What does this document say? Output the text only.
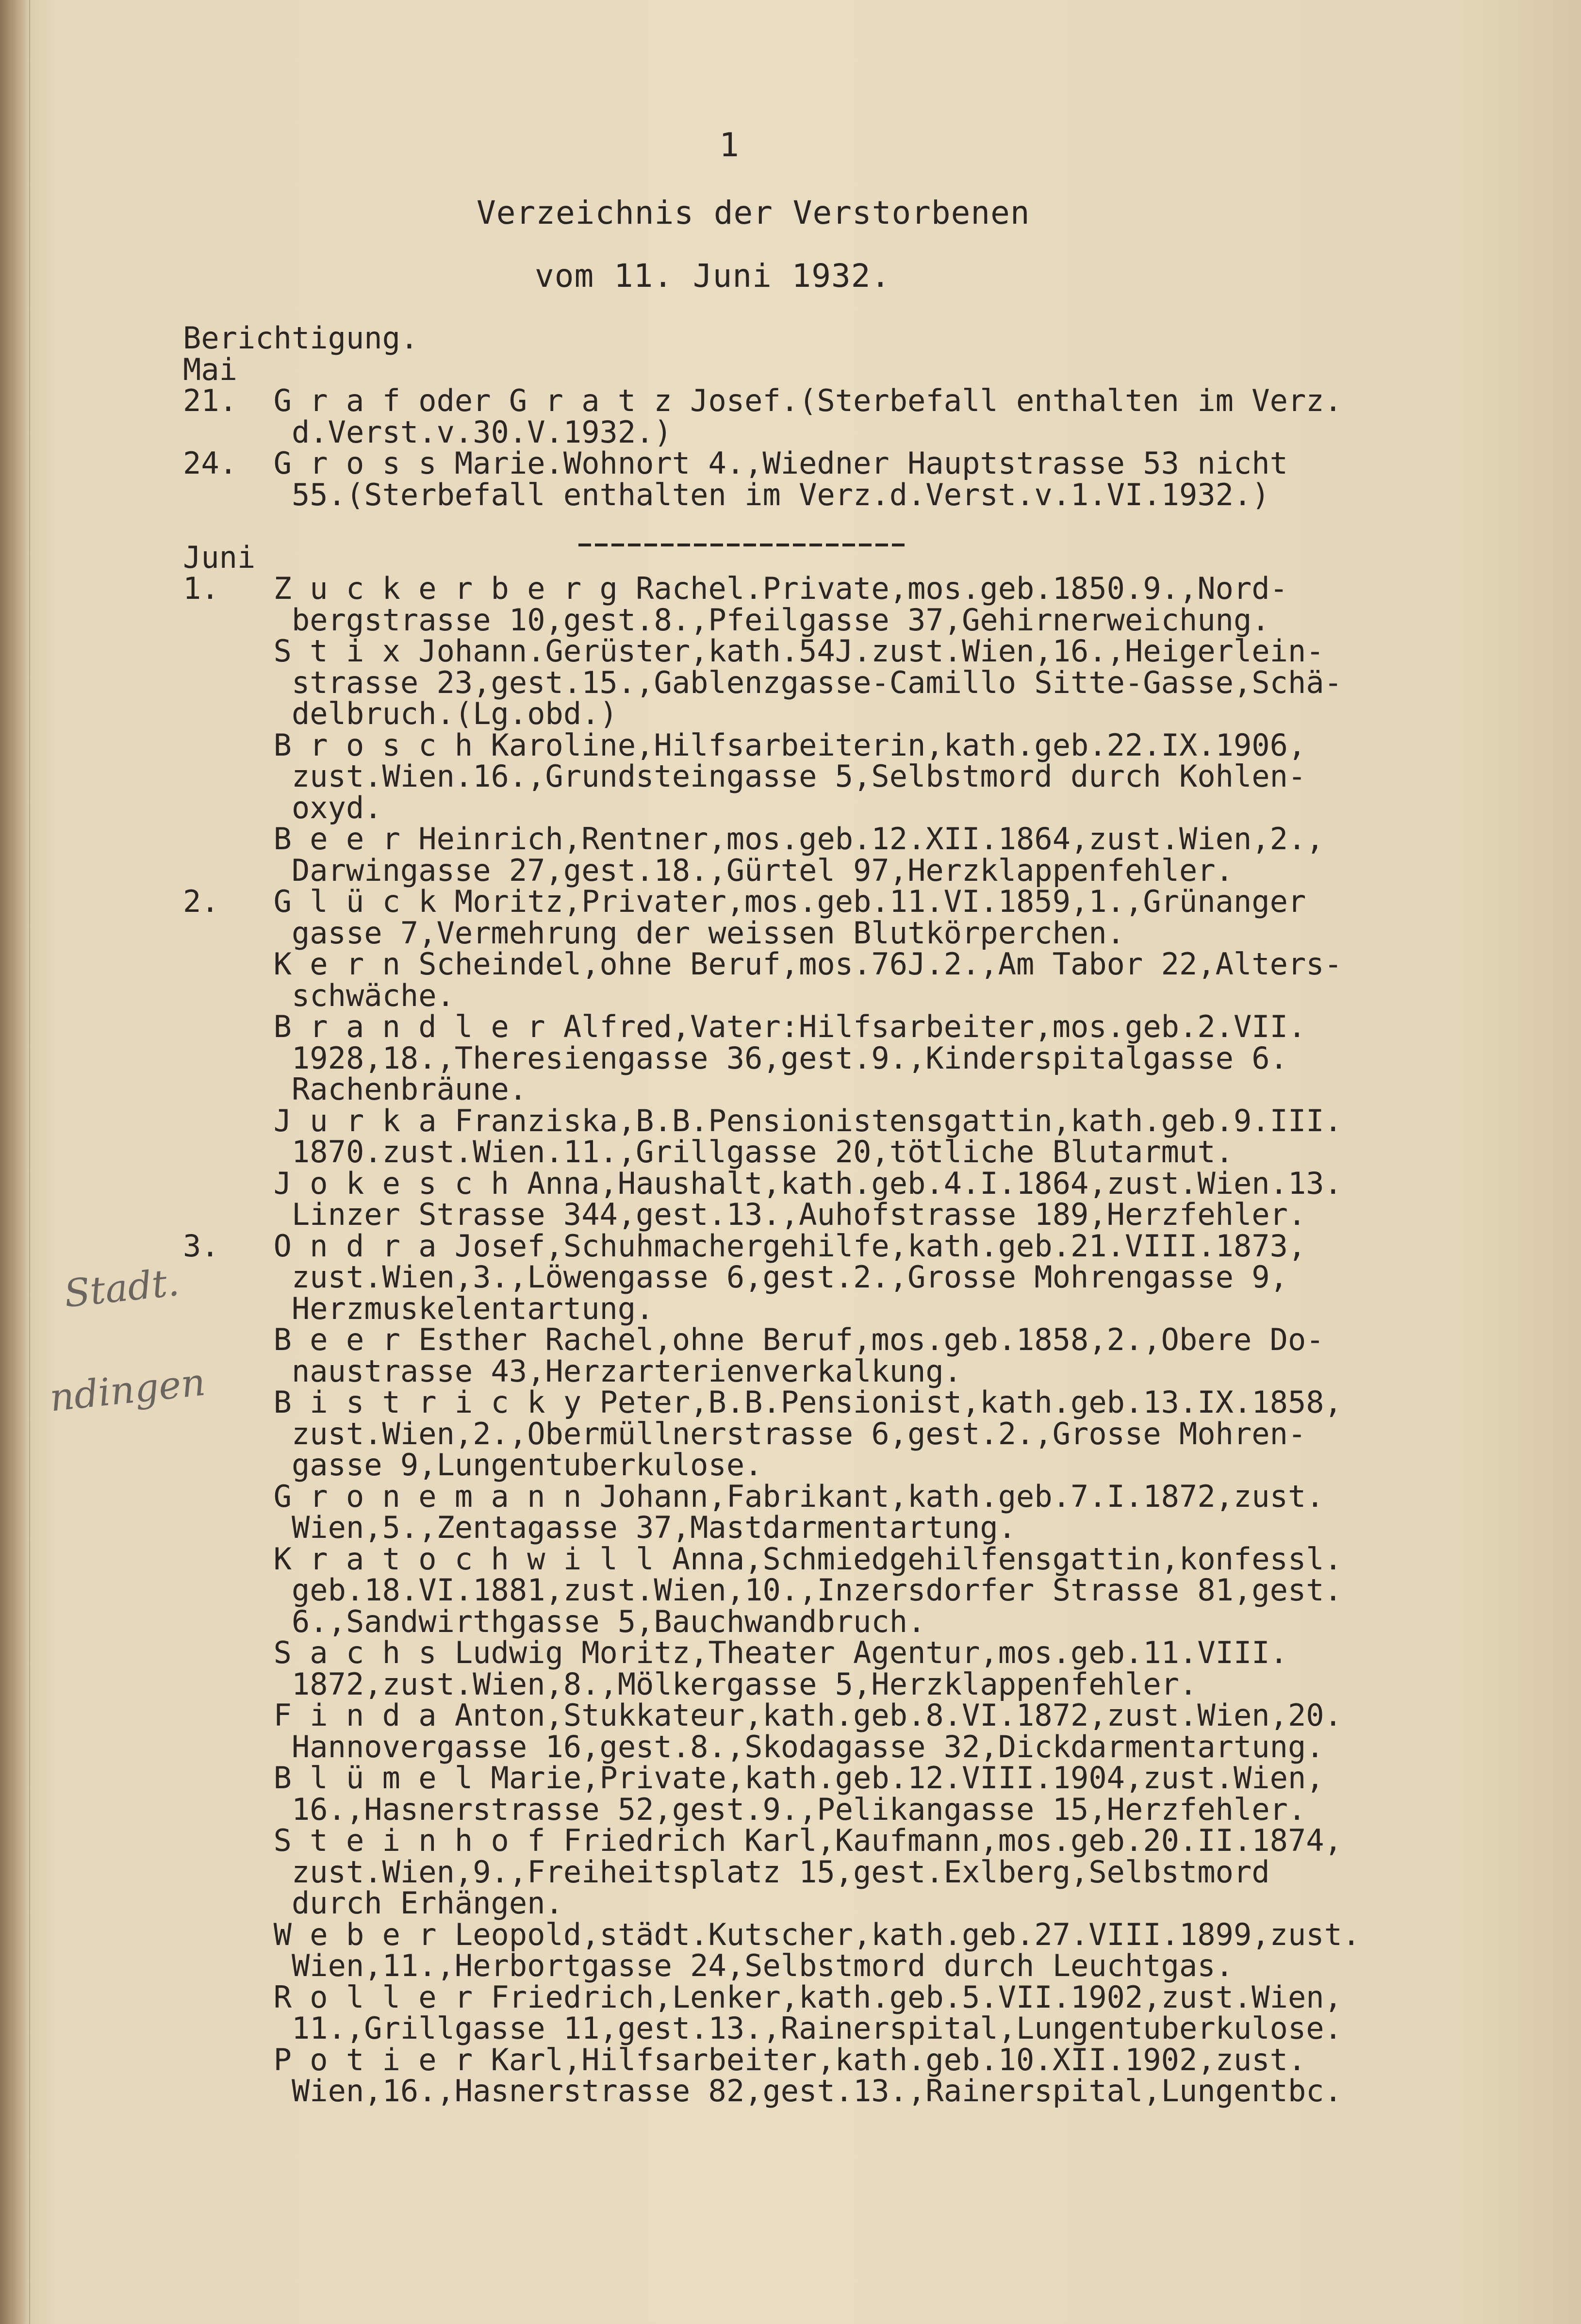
1
Verzeichnis der Verstorbenen
vom 11. Juni 1932.
Berichtigung.
Mai
21.  G r a f oder G r a t z Josef.(Sterbefall enthalten im Verz.
d.Verst.v.30.V.1932.)
24.  G r o s s Marie.Wohnort 4.,Wiedner Hauptstrasse 53 nicht
55.(Sterbefall enthalten im Verz.d.Verst.v.1.VI.1932.)
Juni
1.   Z u c k e r b e r g Rachel.Private,mos.geb.1850.9.,Nord-
bergstrasse 10,gest.8.,Pfeilgasse 37,Gehirnerweichung.
S t i x Johann.Gerüster,kath.54J.zust.Wien,16.,Heigerlein-
strasse 23,gest.15.,Gablenzgasse-Camillo Sitte-Gasse,Schä-
delbruch.(Lg.obd.)
B r o s c h Karoline,Hilfsarbeiterin,kath.geb.22.IX.1906,
zust.Wien.16.,Grundsteingasse 5,Selbstmord durch Kohlen-
oxyd.
B e e r Heinrich,Rentner,mos.geb.12.XII.1864,zust.Wien,2.,
Darwingasse 27,gest.18.,Gürtel 97,Herzklappenfehler.
2.   G l ü c k Moritz,Privater,mos.geb.11.VI.1859,1.,Grünanger
gasse 7,Vermehrung der weissen Blutkörperchen.
K e r n Scheindel,ohne Beruf,mos.76J.2.,Am Tabor 22,Alters-
schwäche.
B r a n d l e r Alfred,Vater:Hilfsarbeiter,mos.geb.2.VII.
1928,18.,Theresiengasse 36,gest.9.,Kinderspitalgasse 6.
Rachenbräune.
J u r k a Franziska,B.B.Pensionistensgattin,kath.geb.9.III.
1870.zust.Wien.11.,Grillgasse 20,tötliche Blutarmut.
J o k e s c h Anna,Haushalt,kath.geb.4.I.1864,zust.Wien.13.
Linzer Strasse 344,gest.13.,Auhofstrasse 189,Herzfehler.
3.   O n d r a Josef,Schuhmachergehilfe,kath.geb.21.VIII.1873,
zust.Wien,3.,Löwengasse 6,gest.2.,Grosse Mohrengasse 9,
Herzmuskelentartung.
B e e r Esther Rachel,ohne Beruf,mos.geb.1858,2.,Obere Do-
naustrasse 43,Herzarterienverkalkung.
B i s t r i c k y Peter,B.B.Pensionist,kath.geb.13.IX.1858,
zust.Wien,2.,Obermüllnerstrasse 6,gest.2.,Grosse Mohren-
gasse 9,Lungentuberkulose.
G r o n e m a n n Johann,Fabrikant,kath.geb.7.I.1872,zust.
Wien,5.,Zentagasse 37,Mastdarmentartung.
K r a t o c h w i l l Anna,Schmiedgehilfensgattin,konfessl.
geb.18.VI.1881,zust.Wien,10.,Inzersdorfer Strasse 81,gest.
6.,Sandwirthgasse 5,Bauchwandbruch.
S a c h s Ludwig Moritz,Theater Agentur,mos.geb.11.VIII.
1872,zust.Wien,8.,Mölkergasse 5,Herzklappenfehler.
F i n d a Anton,Stukkateur,kath.geb.8.VI.1872,zust.Wien,20.
Hannovergasse 16,gest.8.,Skodagasse 32,Dickdarmentartung.
B l ü m e l Marie,Private,kath.geb.12.VIII.1904,zust.Wien,
16.,Hasnerstrasse 52,gest.9.,Pelikangasse 15,Herzfehler.
S t e i n h o f Friedrich Karl,Kaufmann,mos.geb.20.II.1874,
zust.Wien,9.,Freiheitsplatz 15,gest.Exlberg,Selbstmord
durch Erhängen.
W e b e r Leopold,städt.Kutscher,kath.geb.27.VIII.1899,zust.
Wien,11.,Herbortgasse 24,Selbstmord durch Leuchtgas.
R o l l e r Friedrich,Lenker,kath.geb.5.VII.1902,zust.Wien,
11.,Grillgasse 11,gest.13.,Rainerspital,Lungentuberkulose.
P o t i e r Karl,Hilfsarbeiter,kath.geb.10.XII.1902,zust.
Wien,16.,Hasnerstrasse 82,gest.13.,Rainerspital,Lungentbc.
Stadt.
ndingen
